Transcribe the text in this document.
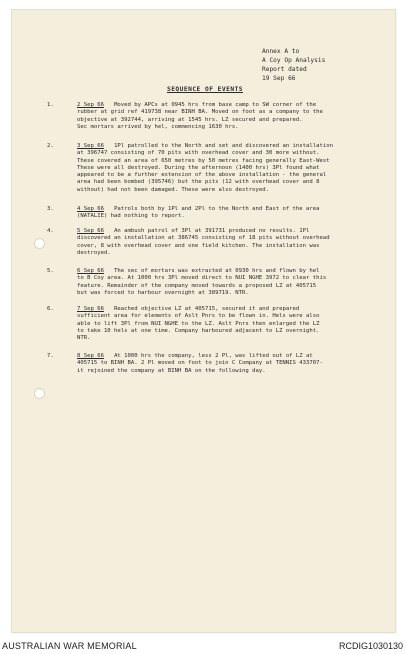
Annex A to
A Coy Op Analysis
Report dated
19 Sep 66
SEQUENCE OF EVENTS
1.	2 Sep 66 Moved by APCs at 0945 hrs from base camp to SW corner of the
rubber at grid ref 419738 near BINH BA. Moved on foot as a company to the
objective at 392744, arriving at 1545 hrs. LZ secured and prepared.
Sec mortars arrived by hel, commencing 1630 hrs.
2.	3 Sep 66 1Pl patrolled to the North and set and discovered an installation
at 396747 consisting of 70 pits with overhead cover and 30 more without.
These covered an area of 650 metres by 50 metres facing generally East-West
These were all destroyed. During the afternoon (1400 hrs) 3Pl found what
appeared to be a further extension of the above installation - the general
area had been bombed (395746) but the pits (12 with overhead cover and 8
without) had not been damaged. These were also destroyed.
3.	4 Sep 66 Patrols both by 1Pl and 2Pl to the North and East of the area
(NATALIE) had nothing to report.
4.	5 Sep 66 An ambush patrol of 3Pl at 391731 produced no results. 1Pl
discovered an installation at 386745 consisting of 18 pits without overhead
cover, 8 with overhead cover and one field kitchen. The installation was
destroyed.
5.	6 Sep 66 The sec of mortars was extracted at 0930 hrs and flown by hel
to B Coy area. At 1000 hrs 3Pl moved direct to NUI NGHE 3972 to clear this
feature. Remainder of the company moved towards a proposed LZ at 405715
but was forced to harbour overnight at 389719. NTR.
6.	7 Sep 66 Reached objective LZ at 405715, secured it and prepared
sufficient area for elements of Aslt Pnrs to be flown in. Hels were also
able to lift 3Pl from NUI NGHE to the LZ. Aslt Pnrs then enlarged the LZ
to take 10 hels at one time. Company harboured adjacent to LZ overnight.
NTR.
7.	8 Sep 66 At 1000 hrs the company, less 2 Pl, was lifted out of LZ at
405715 to BINH BA. 2 Pl moved on foot to join C Company at TENNIS 433707-
it rejoined the company at BINH BA on the following day.
AUSTRALIAN WAR MEMORIAL	RCDIG1030130
